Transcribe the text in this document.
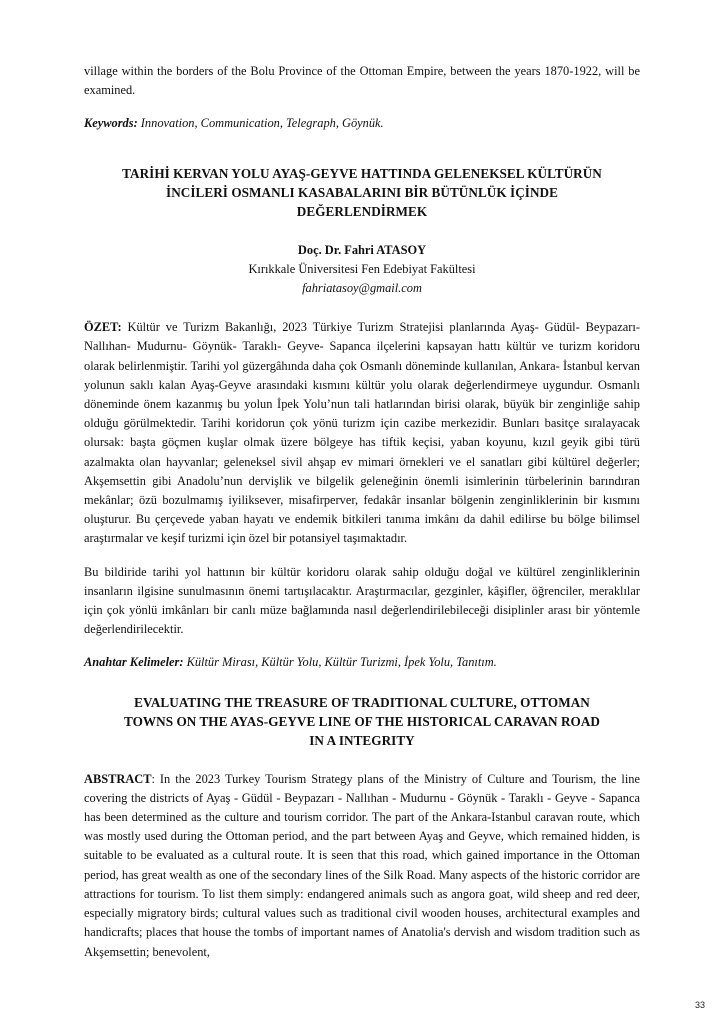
village within the borders of the Bolu Province of the Ottoman Empire, between the years 1870-1922, will be examined.

Keywords: Innovation, Communication, Telegraph, Göynük.

TARİHİ KERVAN YOLU AYAŞ-GEYVE HATTINDA GELENEKSEL KÜLTÜRÜN
İNCİLERİ OSMANLI KASABALARINI BİR BÜTÜNLÜK İÇİNDE
DEĞERLENDİRMEK
Doç. Dr. Fahri ATASOY
Kırıkkale Üniversitesi Fen Edebiyat Fakültesi
fahriatasoy@gmail.com

ÖZET: Kültür ve Turizm Bakanlığı, 2023 Türkiye Turizm Stratejisi planlarında Ayaş- Güdül- Beypazarı- Nallıhan- Mudurnu- Göynük- Taraklı- Geyve- Sapanca ilçelerini kapsayan hattı kültür ve turizm koridoru olarak belirlenmiştir. Tarihi yol güzergâhında daha çok Osmanlı döneminde kullanılan, Ankara- İstanbul kervan yolunun saklı kalan Ayaş-Geyve arasındaki kısmını kültür yolu olarak değerlendirmeye uygundur. Osmanlı döneminde önem kazanmış bu yolun İpek Yolu’nun tali hatlarından birisi olarak, büyük bir zenginliğe sahip olduğu görülmektedir. Tarihi koridorun çok yönü turizm için cazibe merkezidir. Bunları basitçe sıralayacak olursak: başta göçmen kuşlar olmak üzere bölgeye has tiftik keçisi, yaban koyunu, kızıl geyik gibi türü azalmakta olan hayvanlar; geleneksel sivil ahşap ev mimari örnekleri ve el sanatları gibi kültürel değerler; Akşemsettin gibi Anadolu’nun dervişlik ve bilgelik geleneğinin önemli isimlerinin türbelerinin barındıran mekânlar; özü bozulmamış iyiliksever, misafirperver, fedakâr insanlar bölgenin zenginliklerinin bir kısmını oluşturur. Bu çerçevede yaban hayatı ve endemik bitkileri tanıma imkânı da dahil edilirse bu bölge bilimsel araştırmalar ve keşif turizmi için özel bir potansiyel taşımaktadır.

Bu bildiride tarihi yol hattının bir kültür koridoru olarak sahip olduğu doğal ve kültürel zenginliklerinin insanların ilgisine sunulmasının önemi tartışılacaktır. Araştırmacılar, gezginler, kâşifler, öğrenciler, meraklılar için çok yönlü imkânları bir canlı müze bağlamında nasıl değerlendirilebileceği disiplinler arası bir yöntemle değerlendirilecektir.

Anahtar Kelimeler: Kültür Mirası, Kültür Yolu, Kültür Turizmi, İpek Yolu, Tanıtım.

EVALUATING THE TREASURE OF TRADITIONAL CULTURE, OTTOMAN
TOWNS ON THE AYAS-GEYVE LINE OF THE HISTORICAL CARAVAN ROAD
IN A INTEGRITY

ABSTRACT: In the 2023 Turkey Tourism Strategy plans of the Ministry of Culture and Tourism, the line covering the districts of Ayaş - Güdül - Beypazarı - Nallıhan - Mudurnu - Göynük - Taraklı - Geyve - Sapanca has been determined as the culture and tourism corridor. The part of the Ankara-Istanbul caravan route, which was mostly used during the Ottoman period, and the part between Ayaş and Geyve, which remained hidden, is suitable to be evaluated as a cultural route. It is seen that this road, which gained importance in the Ottoman period, has great wealth as one of the secondary lines of the Silk Road. Many aspects of the historic corridor are attractions for tourism. To list them simply: endangered animals such as angora goat, wild sheep and red deer, especially migratory birds; cultural values such as traditional civil wooden houses, architectural examples and handicrafts; places that house the tombs of important names of Anatolia's dervish and wisdom tradition such as Akşemsettin; benevolent,

33
